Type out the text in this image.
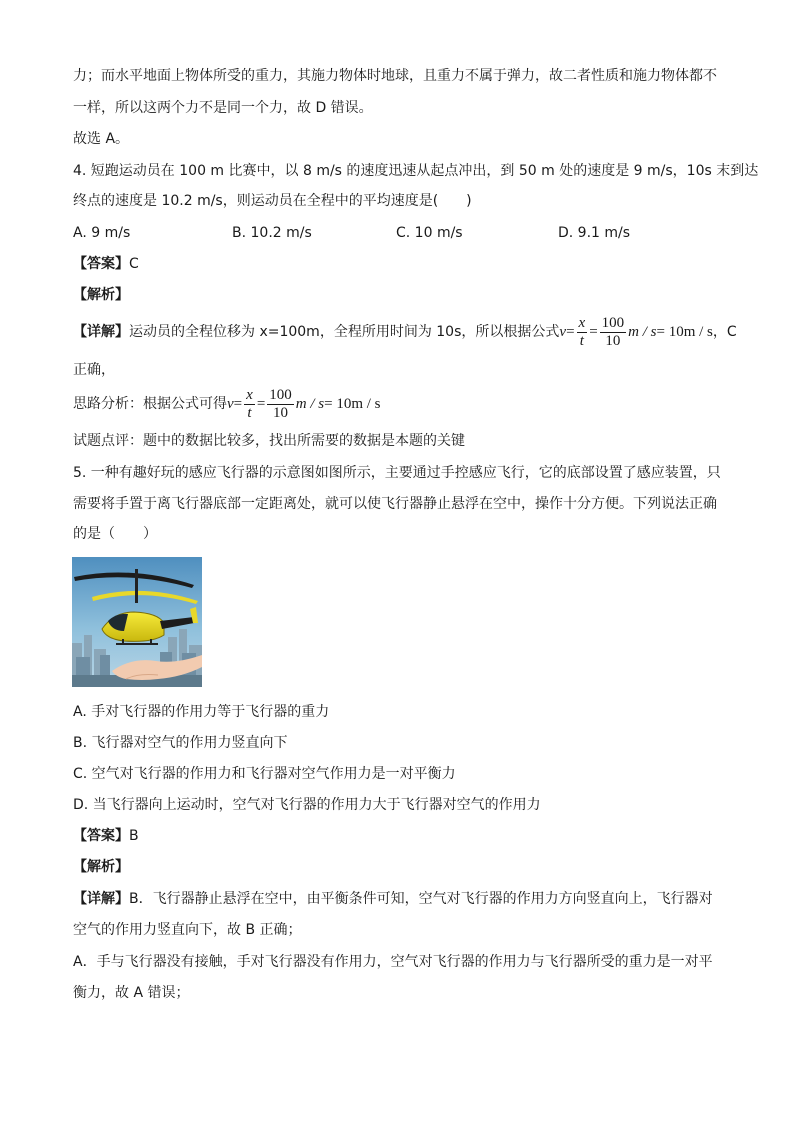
力；而水平地面上物体所受的重力，其施力物体时地球，且重力不属于弹力，故二者性质和施力物体都不
一样，所以这两个力不是同一个力，故 D 错误。
故选 A。
4. 短跑运动员在 100 m 比赛中，以 8 m/s 的速度迅速从起点冲出，到 50 m 处的速度是 9 m/s，10s 末到达
终点的速度是 10.2 m/s，则运动员在全程中的平均速度是(　　)
A. 9 m/s	B. 10.2 m/s	C. 10 m/s	D. 9.1 m/s
【答案】C
【解析】
【详解】运动员的全程位移为 x=100m，全程所用时间为 10s，所以根据公式$v= \frac{x}{t} = \frac{100}{10}$ m / s= 10m / s，C
正确，
思路分析：根据公式可得$v= \frac{x}{t} = \frac{100}{10}$ m / s= 10m / s
试题点评：题中的数据比较多，找出所需要的数据是本题的关键
5. 一种有趣好玩的感应飞行器的示意图如图所示，主要通过手控感应飞行，它的底部设置了感应装置，只
需要将手置于离飞行器底部一定距离处，就可以使飞行器静止悬浮在空中，操作十分方便。下列说法正确
的是（　　）
A. 手对飞行器的作用力等于飞行器的重力
B. 飞行器对空气的作用力竖直向下
C. 空气对飞行器的作用力和飞行器对空气作用力是一对平衡力
D. 当飞行器向上运动时，空气对飞行器的作用力大于飞行器对空气的作用力
【答案】B
【解析】
【详解】B．飞行器静止悬浮在空中，由平衡条件可知，空气对飞行器的作用力方向竖直向上，飞行器对
空气的作用力竖直向下，故 B 正确；
A．手与飞行器没有接触，手对飞行器没有作用力，空气对飞行器的作用力与飞行器所受的重力是一对平
衡力，故 A 错误；
